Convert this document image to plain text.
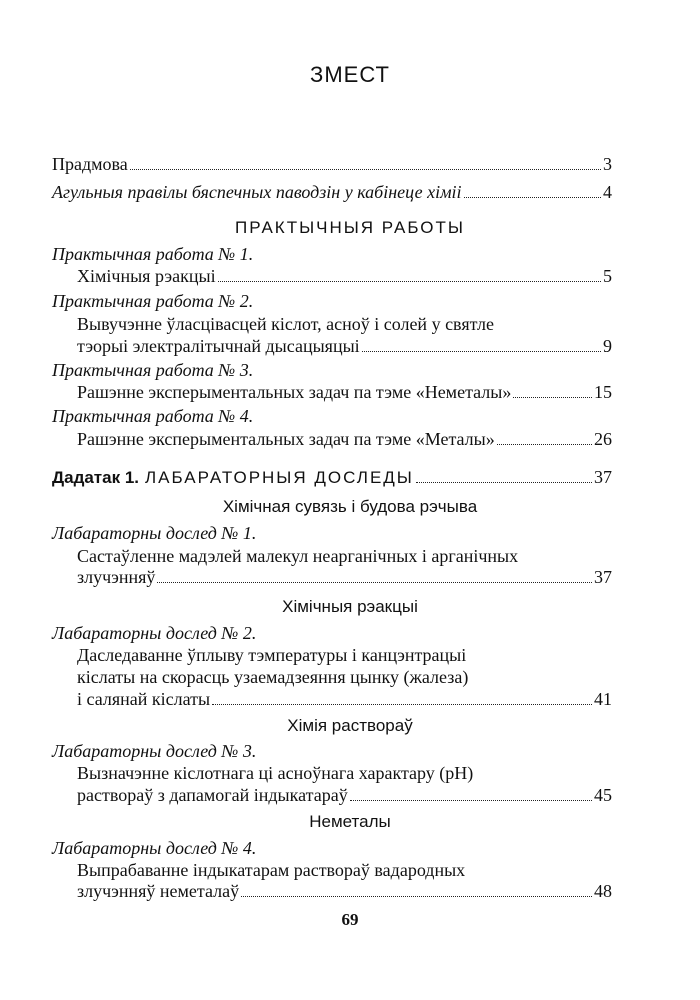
ЗМЕСТ
Прадмова	3
Агульныя правілы бяспечных паводзін у кабінеце хіміі	4
ПРАКТЫЧНЫЯ РАБОТЫ
Практычная работа № 1.
Хімічныя рэакцыі	5
Практычная работа № 2.
Вывучэнне ўласцівасцей кіслот, асноў і солей у святле
тэорыі электралітычнай дысацыяцыі	9
Практычная работа № 3.
Рашэнне эксперыментальных задач па тэме «Неметалы»	15
Практычная работа № 4.
Рашэнне эксперыментальных задач па тэме «Металы»	26
Дадатак 1. ЛАБАРАТОРНЫЯ ДОСЛЕДЫ	37
Хімічная сувязь і будова рэчыва
Лабараторны дослед № 1.
Састаўленне мадэлей малекул неарганічных і арганічных
злучэнняў	37
Хімічныя рэакцыі
Лабараторны дослед № 2.
Даследаванне ўплыву тэмпературы і канцэнтрацыі
кіслаты на скорасць узаемадзеяння цынку (жалеза)
і салянай кіслаты	41
Хімія раствораў
Лабараторны дослед № 3.
Вызначэнне кіслотнага ці асноўнага характару (pH)
раствораў з дапамогай індыкатараў	45
Неметалы
Лабараторны дослед № 4.
Выпрабаванне індыкатарам раствораў вадародных
злучэнняў неметалаў	48
69
